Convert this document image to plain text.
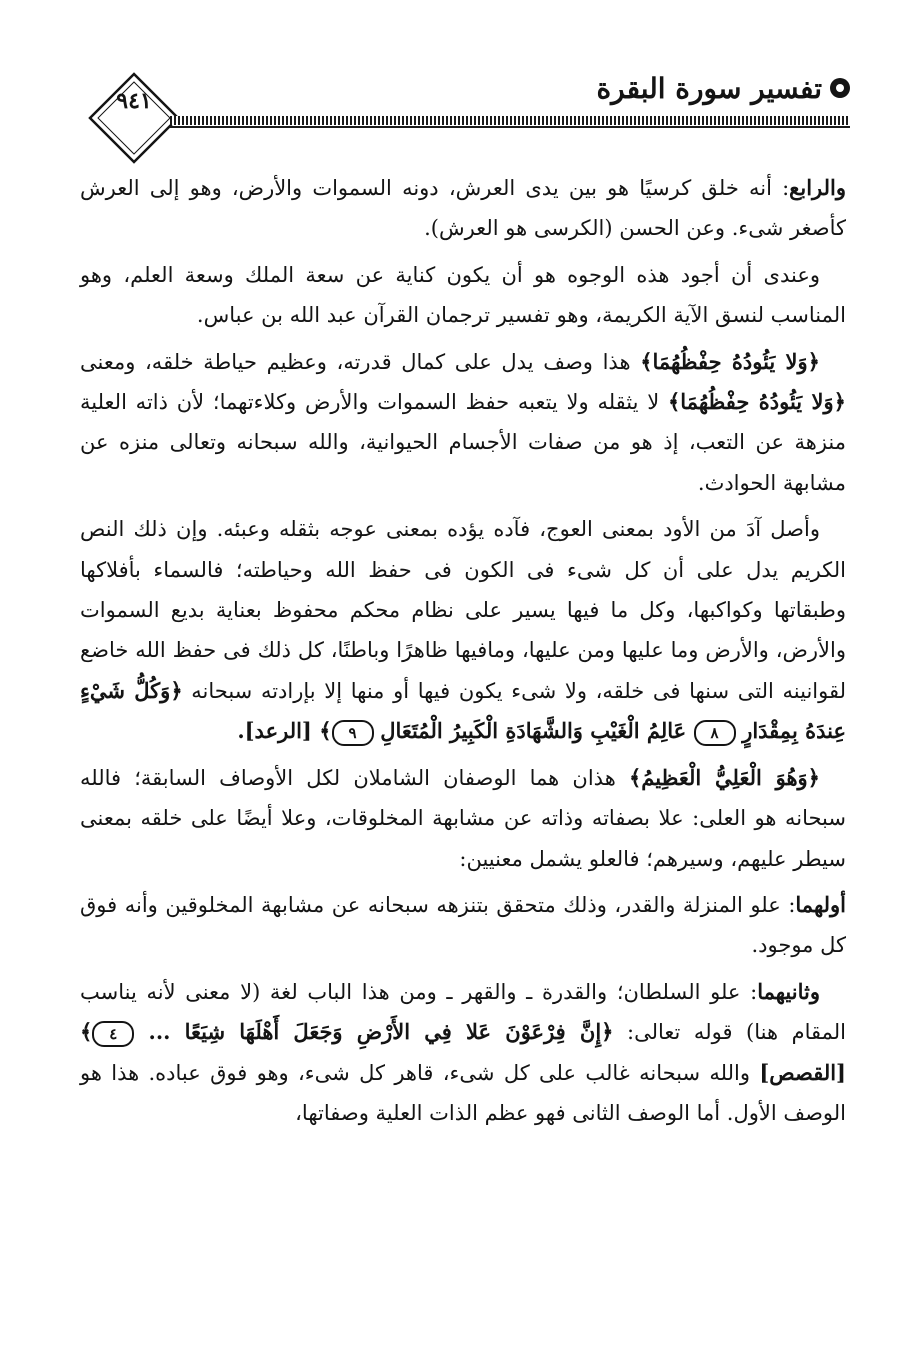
٩٤١	تفسير سورة البقرة

والرابع: أنه خلق كرسيًا هو بين يدى العرش، دونه السموات والأرض، وهو إلى العرش كأصغر شىء. وعن الحسن (الكرسى هو العرش).

وعندى أن أجود هذه الوجوه هو أن يكون كناية عن سعة الملك وسعة العلم، وهو المناسب لنسق الآية الكريمة، وهو تفسير ترجمان القرآن عبد الله بن عباس.

﴿وَلا يَئُودُهُ حِفْظُهُمَا﴾ هذا وصف يدل على كمال قدرته، وعظيم حياطة خلقه، ومعنى ﴿وَلا يَئُودُهُ حِفْظُهُمَا﴾ لا يثقله ولا يتعبه حفظ السموات والأرض وكلاءتهما؛ لأن ذاته العلية منزهة عن التعب، إذ هو من صفات الأجسام الحيوانية، والله سبحانه وتعالى منزه عن مشابهة الحوادث.

وأصل آدَ من الأود بمعنى العوج، فآده يؤده بمعنى عوجه بثقله وعبئه. وإن ذلك النص الكريم يدل على أن كل شىء فى الكون فى حفظ الله وحياطته؛ فالسماء بأفلاكها وطبقاتها وكواكبها، وكل ما فيها يسير على نظام محكم محفوظ بعناية بديع السموات والأرض، والأرض وما عليها ومن عليها، ومافيها ظاهرًا وباطنًا، كل ذلك فى حفظ الله خاضع لقوانينه التى سنها فى خلقه، ولا شىء يكون فيها أو منها إلا بإرادته سبحانه ﴿وَكُلُّ شَيْءٍ عِندَهُ بِمِقْدَارٍ ٨ عَالِمُ الْغَيْبِ وَالشَّهَادَةِ الْكَبِيرُ الْمُتَعَالِ ٩﴾ [الرعد].

﴿وَهُوَ الْعَلِيُّ الْعَظِيمُ﴾ هذان هما الوصفان الشاملان لكل الأوصاف السابقة؛ فالله سبحانه هو العلى: علا بصفاته وذاته عن مشابهة المخلوقات، وعلا أيضًا على خلقه بمعنى سيطر عليهم، وسيرهم؛ فالعلو يشمل معنيين:

أولهما: علو المنزلة والقدر، وذلك متحقق بتنزهه سبحانه عن مشابهة المخلوقين وأنه فوق كل موجود.

وثانيهما: علو السلطان؛ والقدرة ـ والقهر ـ ومن هذا الباب لغة (لا معنى لأنه يناسب المقام هنا) قوله تعالى: ﴿إِنَّ فِرْعَوْنَ عَلا فِي الأَرْضِ وَجَعَلَ أَهْلَهَا شِيَعًا ... ٤﴾ [القصص] والله سبحانه غالب على كل شىء، قاهر كل شىء، وهو فوق عباده. هذا هو الوصف الأول. أما الوصف الثانى فهو عظم الذات العلية وصفاتها،
